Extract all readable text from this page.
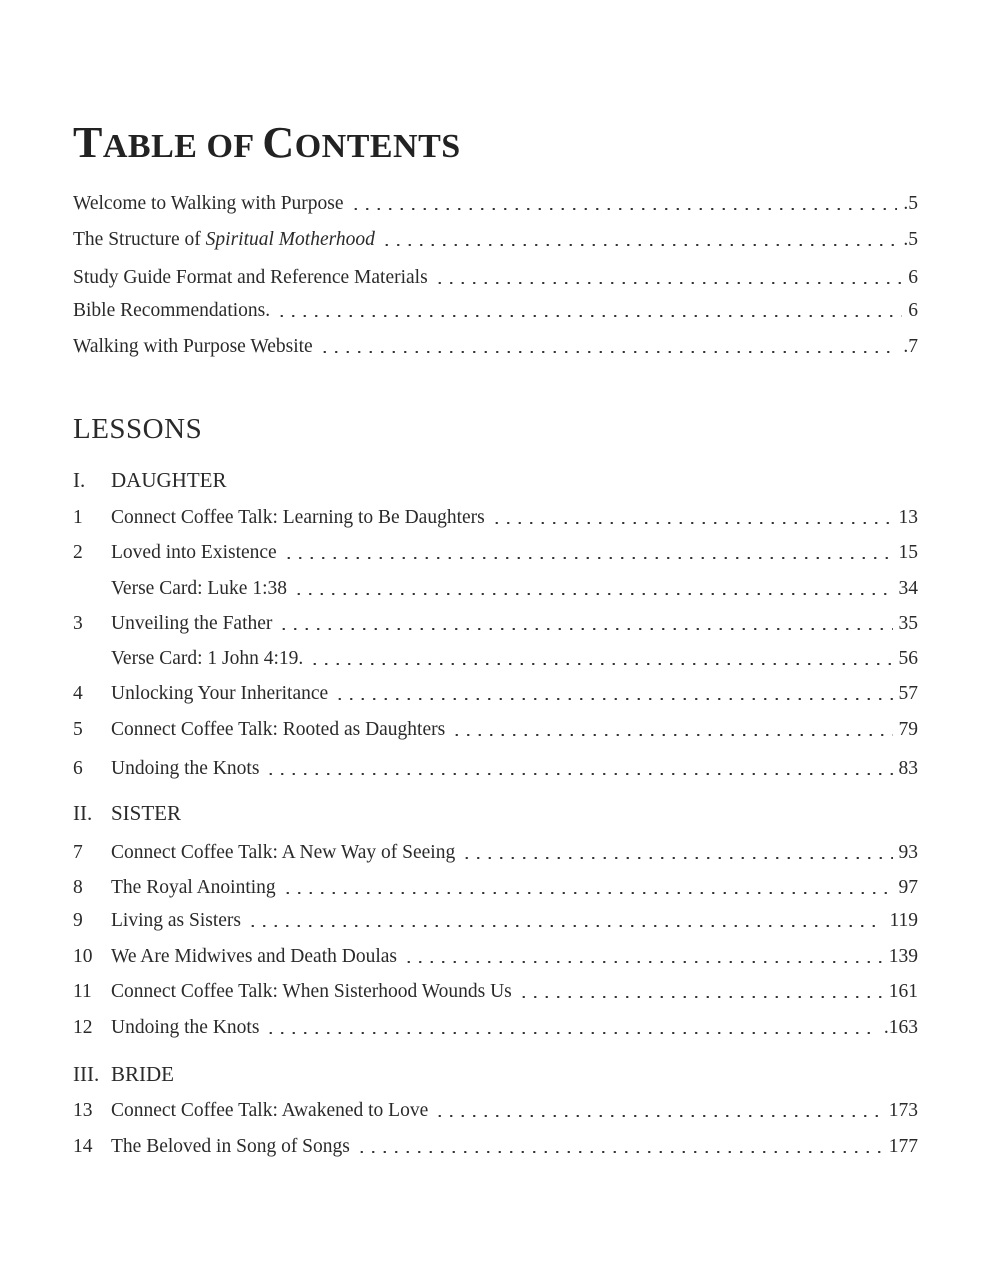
TABLE OF CONTENTS
Welcome to Walking with Purpose	.5
The Structure of Spiritual Motherhood	.5
Study Guide Format and Reference Materials	6
Bible Recommendations.	6
Walking with Purpose Website	.7
LESSONS
I.	DAUGHTER
1	Connect Coffee Talk: Learning to Be Daughters	13
2	Loved into Existence	15
Verse Card: Luke 1:38	34
3	Unveiling the Father	35
Verse Card: 1 John 4:19.	56
4	Unlocking Your Inheritance	57
5	Connect Coffee Talk: Rooted as Daughters	79
6	Undoing the Knots	83
II. SISTER
7	Connect Coffee Talk: A New Way of Seeing	93
8	The Royal Anointing	97
9	Living as Sisters	119
10 We Are Midwives and Death Doulas	139
11 Connect Coffee Talk: When Sisterhood Wounds Us	161
12 Undoing the Knots	.163
III. BRIDE
13 Connect Coffee Talk: Awakened to Love	173
14 The Beloved in Song of Songs	177
